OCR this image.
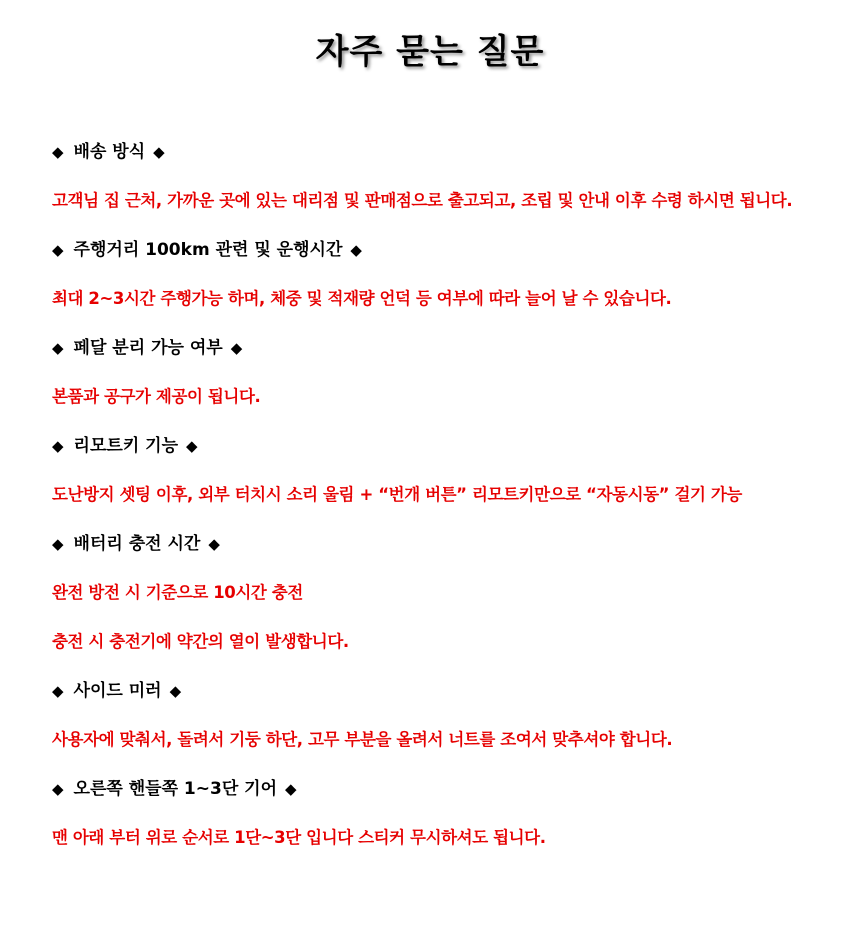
자주 묻는 질문
◆ 배송 방식 ◆
고객님 집 근처, 가까운 곳에 있는 대리점 및 판매점으로 출고되고, 조립 및 안내 이후 수령 하시면 됩니다.
◆ 주행거리 100km 관련 및 운행시간 ◆
최대 2~3시간 주행가능 하며, 체중 및 적재량 언덕 등 여부에 따라 늘어 날 수 있습니다.
◆ 페달 분리 가능 여부 ◆
본품과 공구가 제공이 됩니다.
◆ 리모트키 기능 ◆
도난방지 셋팅 이후, 외부 터치시 소리 울림 + “번개 버튼” 리모트키만으로 “자동시동” 걸기 가능
◆ 배터리 충전 시간 ◆
완전 방전 시 기준으로 10시간 충전
충전 시 충전기에 약간의 열이 발생합니다.
◆ 사이드 미러 ◆
사용자에 맞춰서, 돌려서 기둥 하단, 고무 부분을 올려서 너트를 조여서 맞추셔야 합니다.
◆ 오른쪽 핸들쪽 1~3단 기어 ◆
맨 아래 부터 위로 순서로 1단~3단 입니다 스티커 무시하셔도 됩니다.
